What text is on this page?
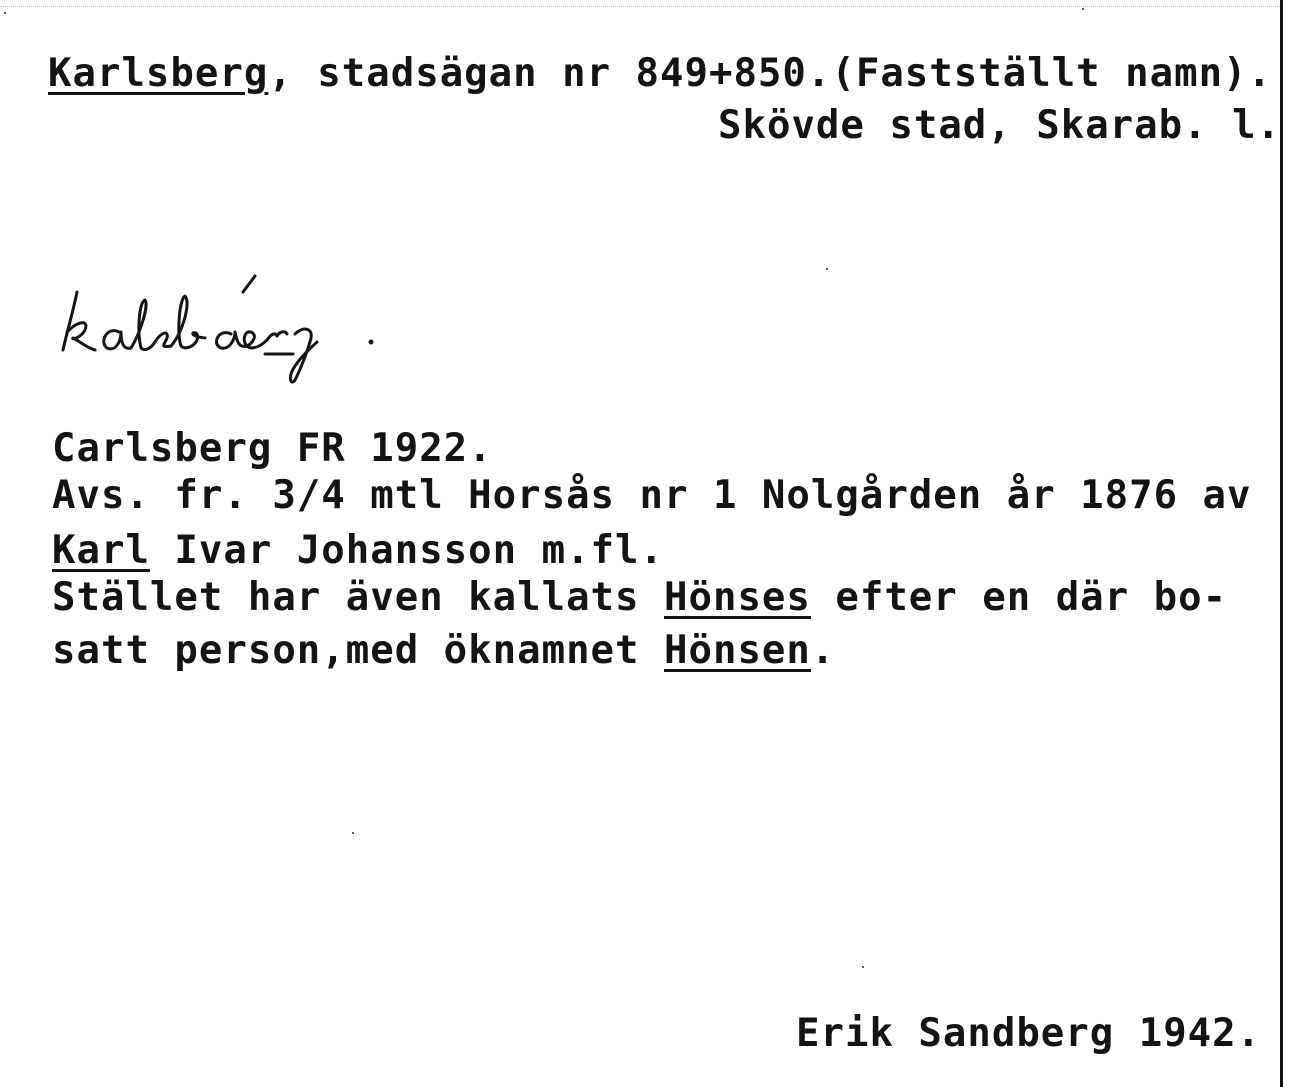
Karlsberg, stadsägan nr 849+850.(Fastställt namn).
Skövde stad, Skarab. l.
Carlsberg FR 1922.
Avs. fr. 3/4 mtl Horsås nr 1 Nolgården år 1876 av
Karl Ivar Johansson m.fl.
Stället har även kallats Hönses efter en där bo-
satt person,med öknamnet Hönsen.
Erik Sandberg 1942.
